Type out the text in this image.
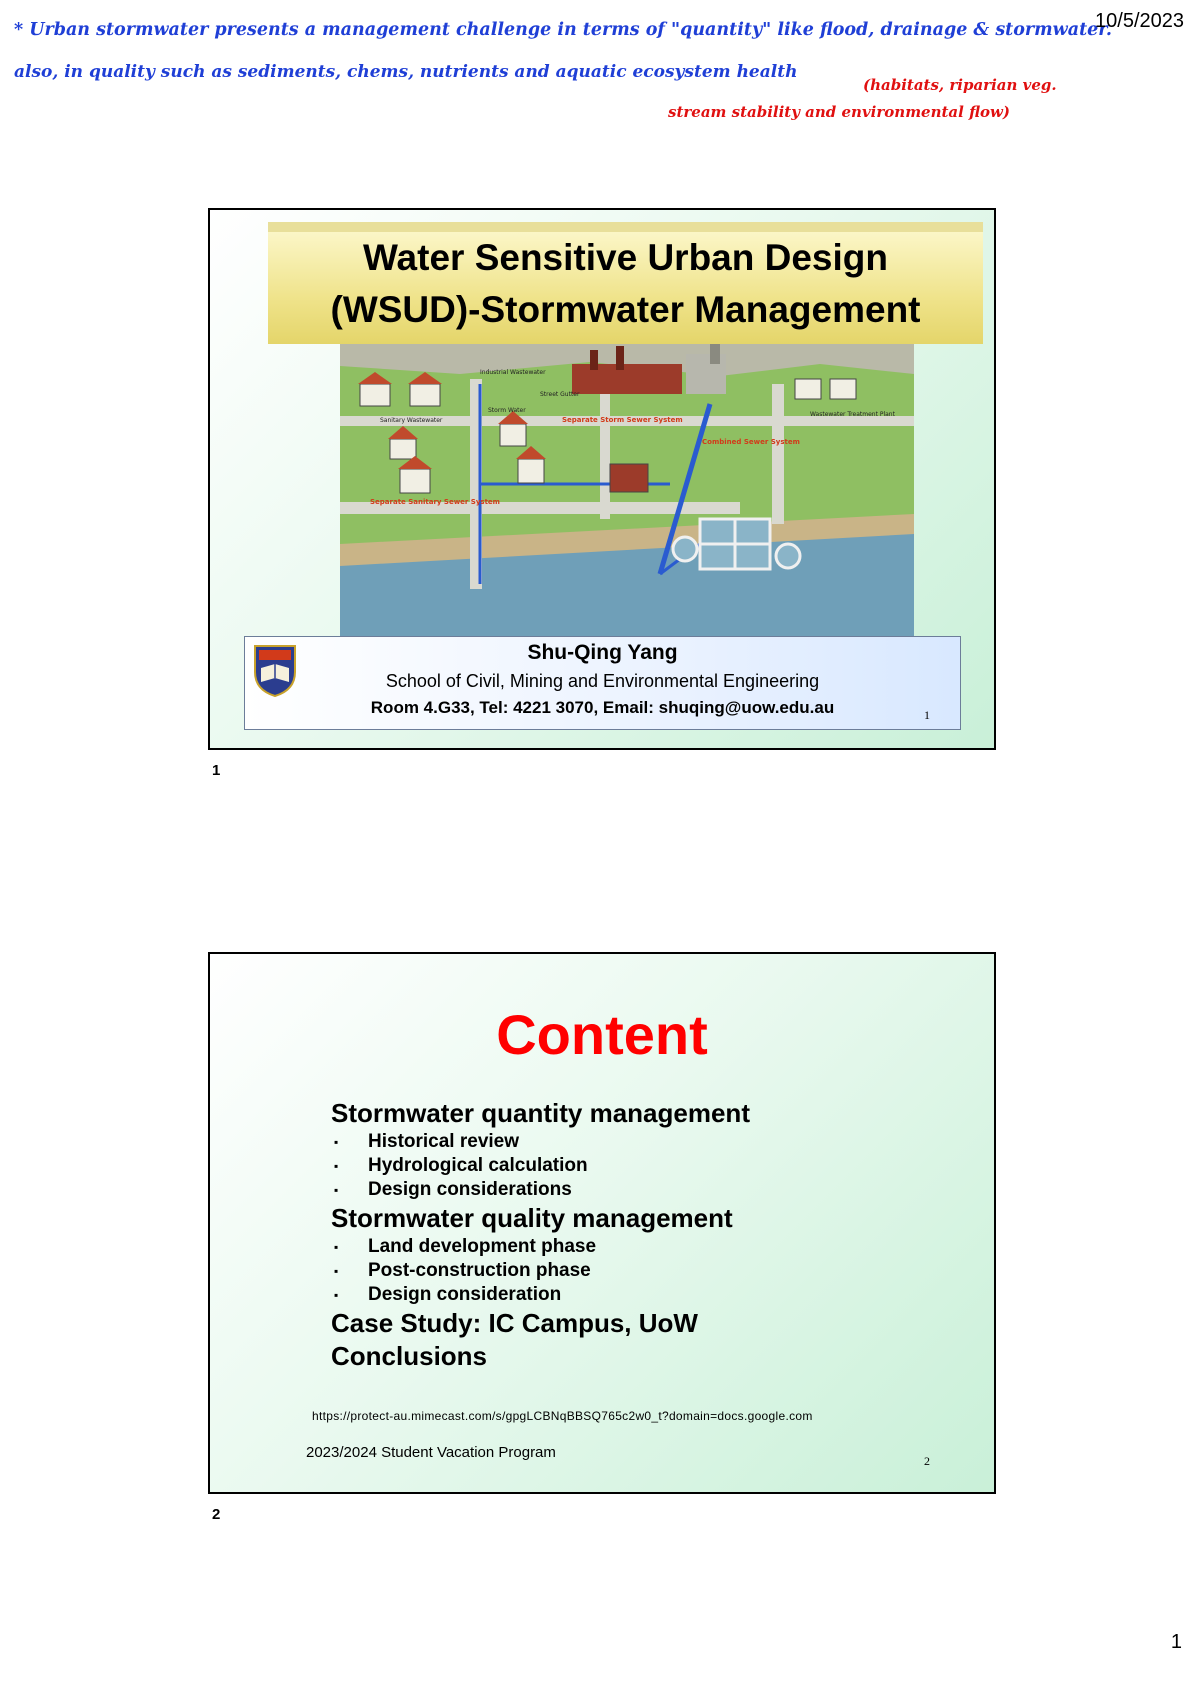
* Urban stormwater presents a management challenge in terms of "quantity" like flood, drainage & stormwater.
10/5/2023
also, in quality such as sediments, chems, nutrients and aquatic ecosystem health
(habitats, riparian veg.
stream stability and environmental flow)
Water Sensitive Urban Design
(WSUD)-Stormwater Management
Industrial Wastewater
Street Gutter
Storm Water
Sanitary Wastewater
Wastewater Treatment Plant
Separate Storm Sewer System
Combined Sewer System
Separate Sanitary Sewer System
Shu-Qing Yang
School of Civil, Mining and Environmental Engineering
Room 4.G33, Tel: 4221 3070, Email: shuqing@uow.edu.au	1
1
Content
Stormwater quantity management
▪ Historical review
▪ Hydrological calculation
▪ Design considerations
Stormwater quality management
▪ Land development phase
▪ Post-construction phase
▪ Design consideration
Case Study: IC Campus, UoW
Conclusions
https://protect-au.mimecast.com/s/gpgLCBNqBBSQ765c2w0_t?domain=docs.google.com
2023/2024 Student Vacation Program	2
2
1
